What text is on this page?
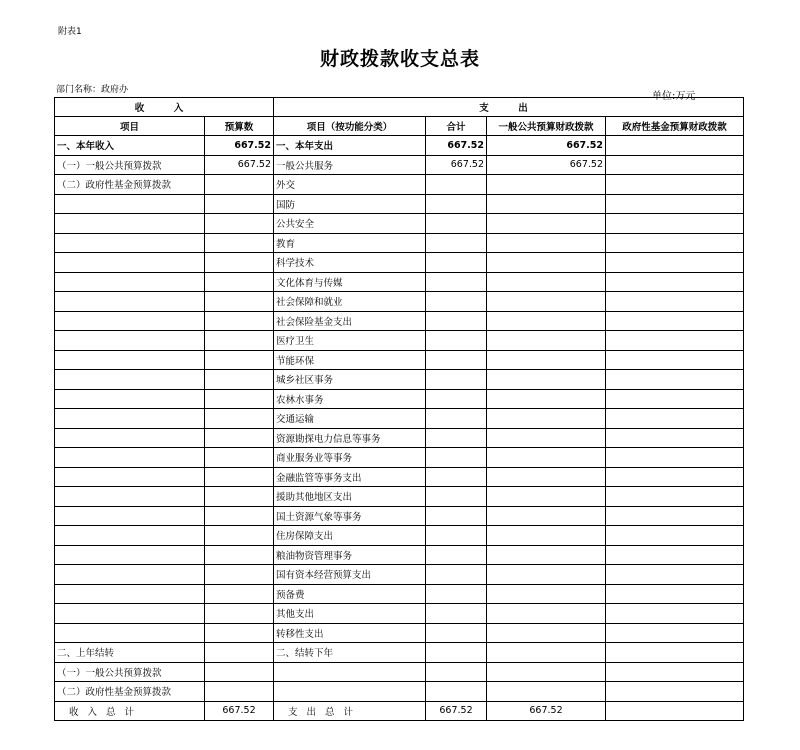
附表1
财政拨款收支总表
部门名称：政府办
单位:万元
收　入		支　出			
项目	预算数	项目（按功能分类）	合计	一般公共预算财政拨款	政府性基金预算财政拨款
一、本年收入	667.52	一、本年支出	667.52	667.52	
（一）一般公共预算拨款	667.52	一般公共服务	667.52	667.52	
（二）政府性基金预算拨款		外交			
		国防			
		公共安全			
		教育			
		科学技术			
		文化体育与传媒			
		社会保障和就业			
		社会保险基金支出			
		医疗卫生			
		节能环保			
		城乡社区事务			
		农林水事务			
		交通运输			
		资源勘探电力信息等事务			
		商业服务业等事务			
		金融监管等事务支出			
		援助其他地区支出			
		国土资源气象等事务			
		住房保障支出			
		粮油物资管理事务			
		国有资本经营预算支出			
		预备费			
		其他支出			
		转移性支出			
二、上年结转		二、结转下年			
（一）一般公共预算拨款					
（二）政府性基金预算拨款					
收入总计	667.52	支出总计	667.52	667.52	
